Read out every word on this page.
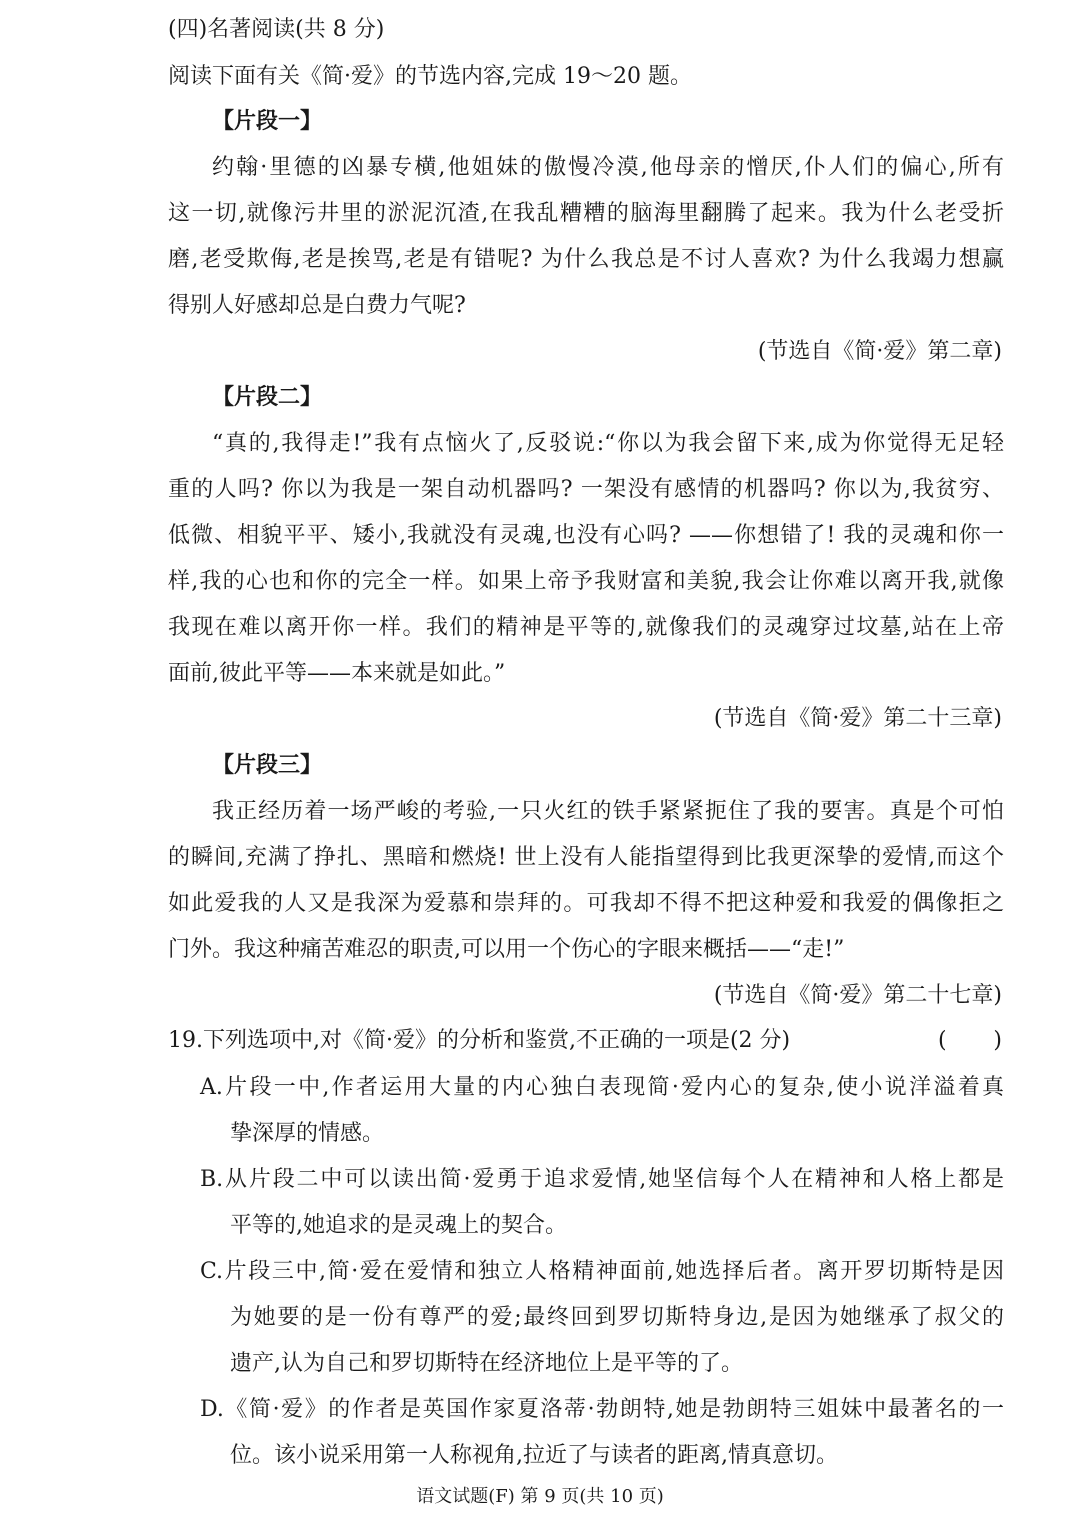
(四)名著阅读(共 8 分)
阅读下面有关《简·爱》的节选内容,完成 19～20 题。
【片段一】
约翰·里德的凶暴专横,他姐妹的傲慢冷漠,他母亲的憎厌,仆人们的偏心,所有
这一切,就像污井里的淤泥沉渣,在我乱糟糟的脑海里翻腾了起来。我为什么老受折
磨,老受欺侮,老是挨骂,老是有错呢? 为什么我总是不讨人喜欢? 为什么我竭力想赢
得别人好感却总是白费力气呢?
(节选自《简·爱》第二章)
【片段二】
“真的,我得走!”我有点恼火了,反驳说:“你以为我会留下来,成为你觉得无足轻
重的人吗? 你以为我是一架自动机器吗? 一架没有感情的机器吗? 你以为,我贫穷、
低微、相貌平平、矮小,我就没有灵魂,也没有心吗? ——你想错了! 我的灵魂和你一
样,我的心也和你的完全一样。如果上帝予我财富和美貌,我会让你难以离开我,就像
我现在难以离开你一样。我们的精神是平等的,就像我们的灵魂穿过坟墓,站在上帝
面前,彼此平等——本来就是如此。”
(节选自《简·爱》第二十三章)
【片段三】
我正经历着一场严峻的考验,一只火红的铁手紧紧扼住了我的要害。真是个可怕
的瞬间,充满了挣扎、黑暗和燃烧! 世上没有人能指望得到比我更深挚的爱情,而这个
如此爱我的人又是我深为爱慕和崇拜的。可我却不得不把这种爱和我爱的偶像拒之
门外。我这种痛苦难忍的职责,可以用一个伤心的字眼来概括——“走!”
(节选自《简·爱》第二十七章)
19.下列选项中,对《简·爱》的分析和鉴赏,不正确的一项是(2 分)	( )
A.片段一中,作者运用大量的内心独白表现简·爱内心的复杂,使小说洋溢着真
挚深厚的情感。
B.从片段二中可以读出简·爱勇于追求爱情,她坚信每个人在精神和人格上都是
平等的,她追求的是灵魂上的契合。
C.片段三中,简·爱在爱情和独立人格精神面前,她选择后者。离开罗切斯特是因
为她要的是一份有尊严的爱;最终回到罗切斯特身边,是因为她继承了叔父的
遗产,认为自己和罗切斯特在经济地位上是平等的了。
D.《简·爱》的作者是英国作家夏洛蒂·勃朗特,她是勃朗特三姐妹中最著名的一
位。该小说采用第一人称视角,拉近了与读者的距离,情真意切。
语文试题(F) 第 9 页(共 10 页)
